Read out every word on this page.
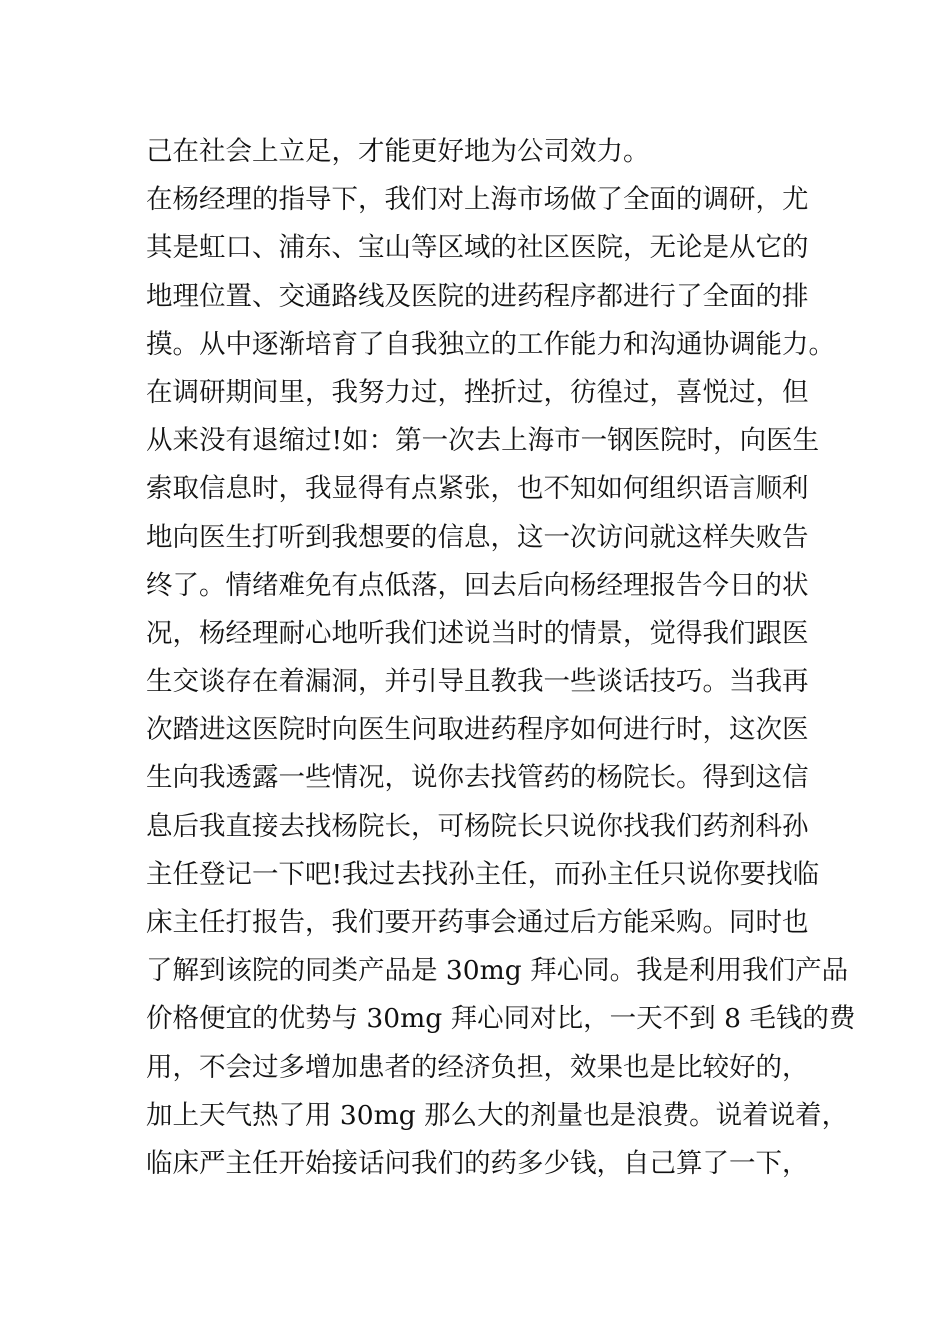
己在社会上立足，才能更好地为公司效力。
在杨经理的指导下，我们对上海市场做了全面的调研，尤
其是虹口、浦东、宝山等区域的社区医院，无论是从它的
地理位置、交通路线及医院的进药程序都进行了全面的排
摸。从中逐渐培育了自我独立的工作能力和沟通协调能力。
在调研期间里，我努力过，挫折过，彷徨过，喜悦过，但
从来没有退缩过!如：第一次去上海市一钢医院时，向医生
索取信息时，我显得有点紧张，也不知如何组织语言顺利
地向医生打听到我想要的信息，这一次访问就这样失败告
终了。情绪难免有点低落，回去后向杨经理报告今日的状
况，杨经理耐心地听我们述说当时的情景，觉得我们跟医
生交谈存在着漏洞，并引导且教我一些谈话技巧。当我再
次踏进这医院时向医生问取进药程序如何进行时，这次医
生向我透露一些情况，说你去找管药的杨院长。得到这信
息后我直接去找杨院长，可杨院长只说你找我们药剂科孙
主任登记一下吧!我过去找孙主任，而孙主任只说你要找临
床主任打报告，我们要开药事会通过后方能采购。同时也
了解到该院的同类产品是 30mg 拜心同。我是利用我们产品
价格便宜的优势与 30mg 拜心同对比，一天不到 8 毛钱的费
用，不会过多增加患者的经济负担，效果也是比较好的，
加上天气热了用 30mg 那么大的剂量也是浪费。说着说着，
临床严主任开始接话问我们的药多少钱，自己算了一下，
